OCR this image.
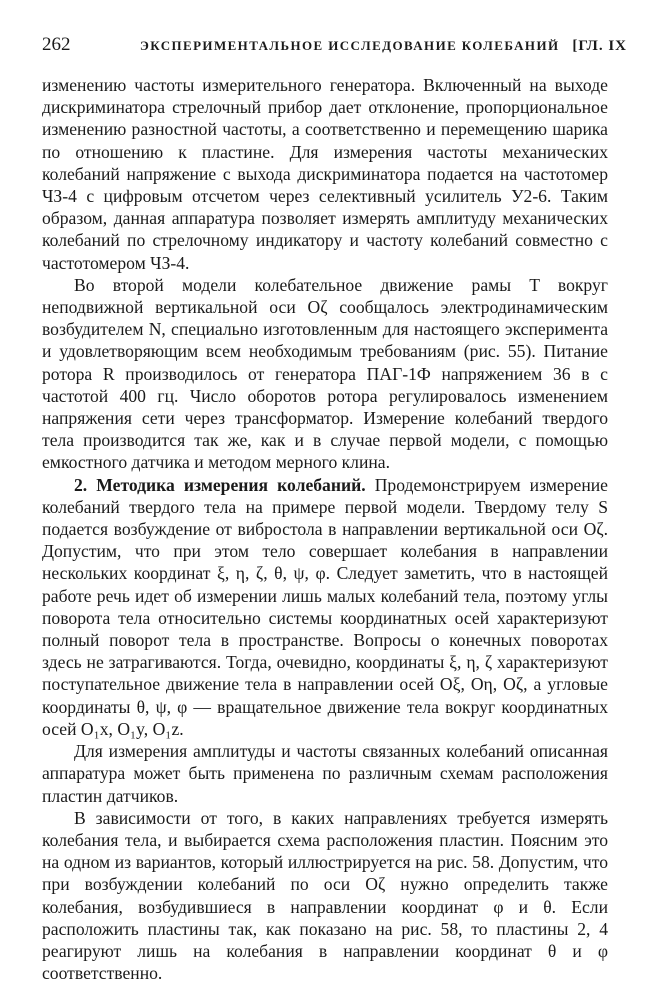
262	ЭКСПЕРИМЕНТАЛЬНОЕ ИССЛЕДОВАНИЕ КОЛЕБАНИЙ [ГЛ. IX

изменению частоты измерительного генератора. Включенный на выходе дискриминатора стрелочный прибор дает отклонение, пропорциональное изменению разностной частоты, а соответственно и перемещению шарика по отношению к пластине. Для измерения частоты механических колебаний напряжение с выхода дискриминатора подается на частотомер ЧЗ-4 с цифровым отсчетом через селективный усилитель У2-6. Таким образом, данная аппаратура позволяет измерять амплитуду механических колебаний по стрелочному индикатору и частоту колебаний совместно с частотомером ЧЗ-4.

Во второй модели колебательное движение рамы T вокруг неподвижной вертикальной оси Oζ сообщалось электродинамическим возбудителем N, специально изготовленным для настоящего эксперимента и удовлетворяющим всем необходимым требованиям (рис. 55). Питание ротора R производилось от генератора ПАГ-1Ф напряжением 36 в с частотой 400 гц. Число оборотов ротора регулировалось изменением напряжения сети через трансформатор. Измерение колебаний твердого тела производится так же, как и в случае первой модели, с помощью емкостного датчика и методом мерного клина.

2. Методика измерения колебаний. Продемонстрируем измерение колебаний твердого тела на примере первой модели. Твердому телу S подается возбуждение от вибростола в направлении вертикальной оси Oζ. Допустим, что при этом тело совершает колебания в направлении нескольких координат ξ, η, ζ, θ, ψ, φ. Следует заметить, что в настоящей работе речь идет об измерении лишь малых колебаний тела, поэтому углы поворота тела относительно системы координатных осей характеризуют полный поворот тела в пространстве. Вопросы о конечных поворотах здесь не затрагиваются. Тогда, очевидно, координаты ξ, η, ζ характеризуют поступательное движение тела в направлении осей Oξ, Oη, Oζ, а угловые координаты θ, ψ, φ — вращательное движение тела вокруг координатных осей O₁x, O₁y, O₁z.

Для измерения амплитуды и частоты связанных колебаний описанная аппаратура может быть применена по различным схемам расположения пластин датчиков.

В зависимости от того, в каких направлениях требуется измерять колебания тела, и выбирается схема расположения пластин. Поясним это на одном из вариантов, который иллюстрируется на рис. 58. Допустим, что при возбуждении колебаний по оси Oζ нужно определить также колебания, возбудившиеся в направлении координат φ и θ. Если расположить пластины так, как показано на рис. 58, то пластины 2, 4 реагируют лишь на колебания в направлении координат θ и φ соответственно.
